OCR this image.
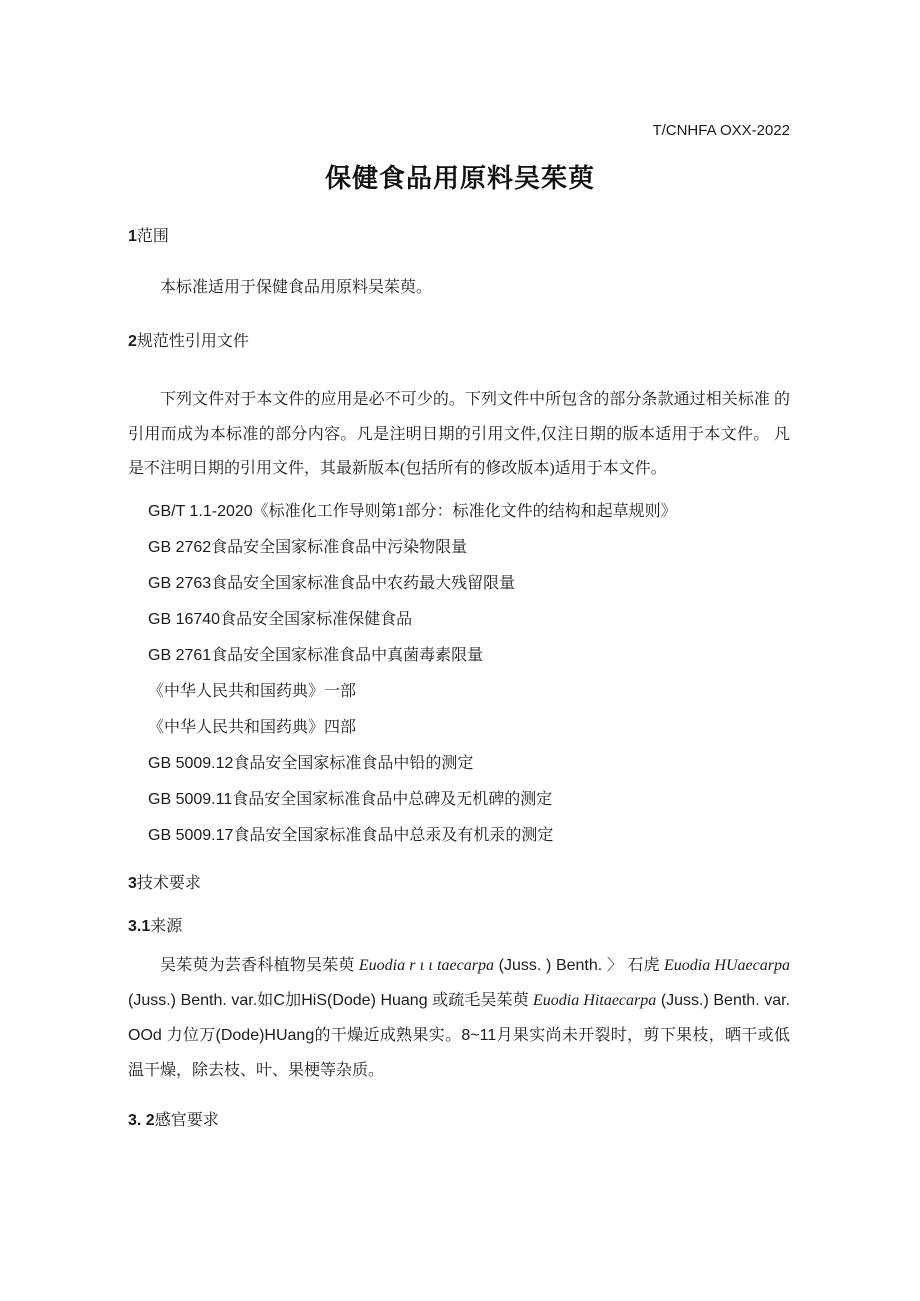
T/CNHFA OXX-2022
保健食品用原料吴茱萸
1范围

本标准适用于保健食品用原料吴茱萸。

2规范性引用文件

下列文件对于本文件的应用是必不可少的。下列文件中所包含的部分条款通过相关标准 的引用而成为本标准的部分内容。凡是注明日期的引用文件,仅注日期的版本适用于本文件。 凡是不注明日期的引用文件，其最新版本(包括所有的修改版本)适用于本文件。

GB/T 1.1-2020《标准化工作导则第1部分：标准化文件的结构和起草规则》
GB 2762食品安全国家标准食品中污染物限量
GB 2763食品安全国家标准食品中农药最大残留限量
GB 16740食品安全国家标准保健食品
GB 2761食品安全国家标准食品中真菌毒素限量
《中华人民共和国药典》一部
《中华人民共和国药典》四部
GB 5009.12食品安全国家标准食品中铅的测定
GB 5009.11食品安全国家标准食品中总碑及无机碑的测定
GB 5009.17食品安全国家标准食品中总汞及有机汞的测定
3技术要求
3.1来源

吴茱萸为芸香科植物吴茱萸 Euodia r ι ι taecarpa (Juss. ) Benth. 〉 石虎 Euodia HUaecarpa (Juss.) Benth. var.如C加HiS(Dode) Huang 或疏毛吴茱萸 Euodia Hitaecarpa (Juss.) Benth. var. OOd 力位万(Dode)HUang的干燥近成熟果实。8~11月果实尚未开裂时，剪下果枝，晒干或低 温干燥，除去枝、叶、果梗等杂质。

3. 2感官要求
